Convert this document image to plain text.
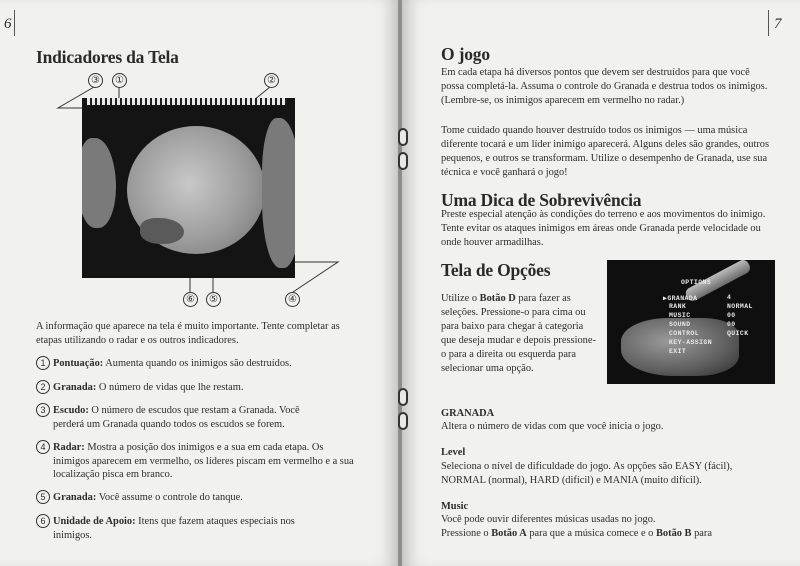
6	7
Indicadores da Tela
③	①	②
⑥	⑤	④

A informação que aparece na tela é muito importante. Tente completar as etapas utilizando o radar e os outros indicadores.

1 Pontuação: Aumenta quando os inimigos são destruídos.
2 Granada: O número de vidas que lhe restam.
3 Escudo: O número de escudos que restam a Granada. Você
perderá um Granada quando todos os escudos se forem.
4 Radar: Mostra a posição dos inimigos e a sua em cada etapa. Os
inimigos aparecem em vermelho, os líderes piscam em vermelho e a sua localização pisca em branco.
5 Granada: Você assume o controle do tanque.
6 Unidade de Apoio: Itens que fazem ataques especiais nos
inimigos.
O jogo

Em cada etapa há diversos pontos que devem ser destruídos para que você possa completá-la. Assuma o controle do Granada e destrua todos os inimigos. (Lembre-se, os inimigos aparecem em vermelho no radar.)

Tome cuidado quando houver destruído todos os inimigos — uma música diferente tocará e um líder inimigo aparecerá. Alguns deles são grandes, outros pequenos, e outros se transformam. Utilize o desempenho de Granada, use sua técnica e você ganhará o jogo!

Uma Dica de Sobrevivência

Preste especial atenção às condições do terreno e aos movimentos do inimigo. Tente evitar os ataques inimigos em áreas onde Granada perde velocidade ou onde houver armadilhas.

Tela de Opções

Utilize o Botão D para fazer as seleções. Pressione-o para cima ou para baixo para chegar à categoria que deseja mudar e depois pressione-o para a direita ou esquerda para selecionar uma opção.

OPTIONS
▶GRANADA	4
RANK	NORMAL
MUSIC	00
SOUND	00
CONTROL	QUICK
KEY-ASSIGN
EXIT
GRANADA

Altera o número de vidas com que você inicia o jogo.

Level

Seleciona o nível de dificuldade do jogo. As opções são EASY (fácil), NORMAL (normal), HARD (difícil) e MANIA (muito difícil).

Music

Você pode ouvir diferentes músicas usadas no jogo.

Pressione o Botão A para que a música comece e o Botão B para
